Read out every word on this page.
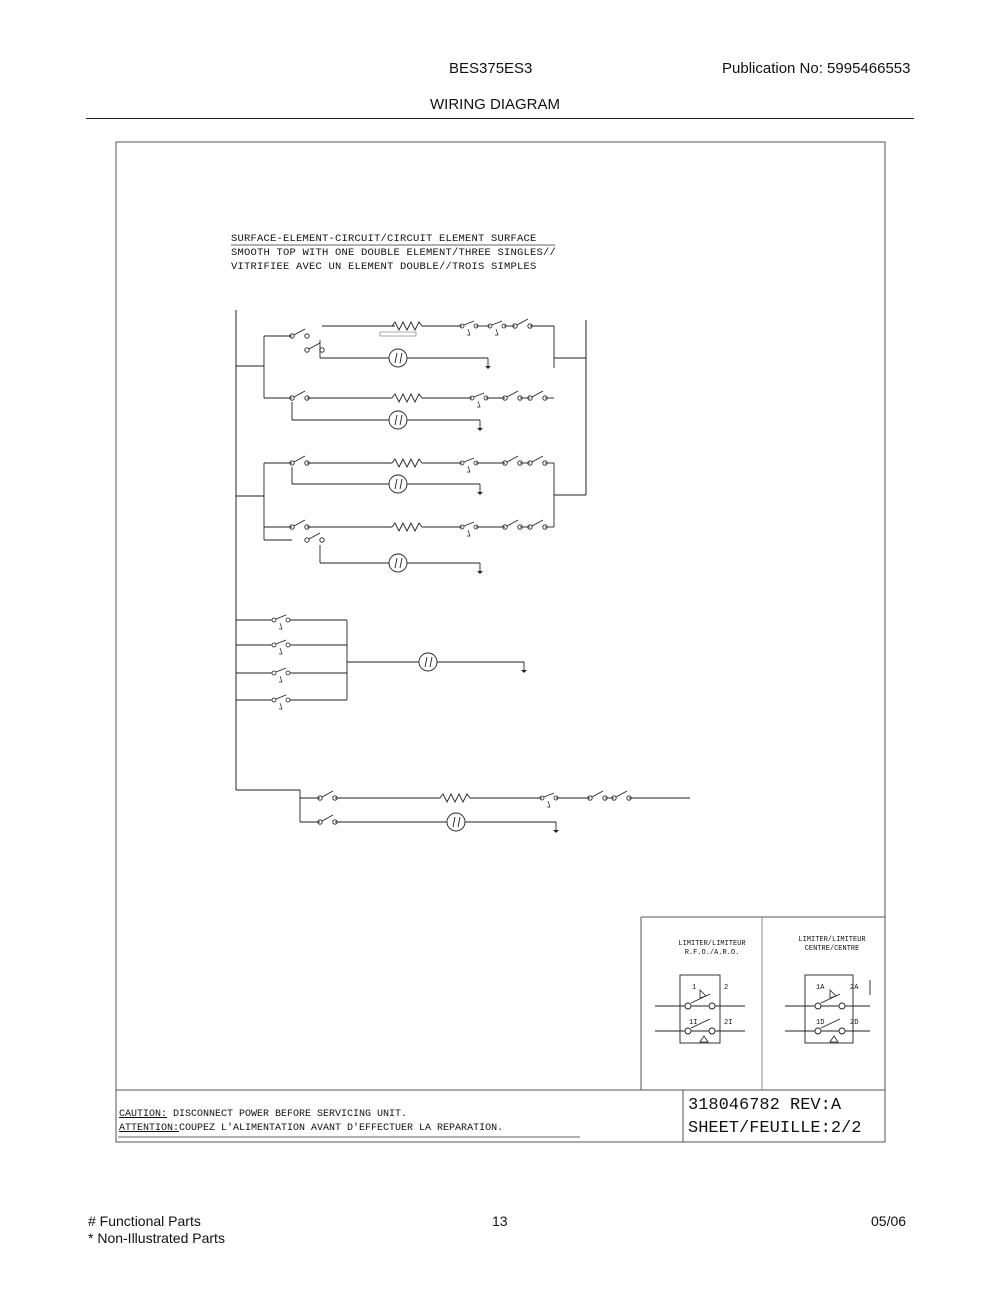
BES375ES3	Publication No: 5995466553
WIRING DIAGRAM
SURFACE-ELEMENT-CIRCUIT/CIRCUIT ELEMENT SURFACE
SMOOTH TOP WITH ONE DOUBLE ELEMENT/THREE SINGLES//
VITRIFIEE AVEC UN ELEMENT DOUBLE//TROIS SIMPLES
LIMITER/LIMITEUR
R.F.O./A.R.O.
LIMITER/LIMITEUR
CENTRE/CENTRE
1	2
1I	2I
1A	2A
1D	2D
CAUTION: DISCONNECT POWER BEFORE SERVICING UNIT.
ATTENTION:COUPEZ L'ALIMENTATION AVANT D'EFFECTUER LA REPARATION.
318046782 REV:A
SHEET/FEUILLE:2/2
# Functional Parts
* Non-Illustrated Parts
13	05/06
